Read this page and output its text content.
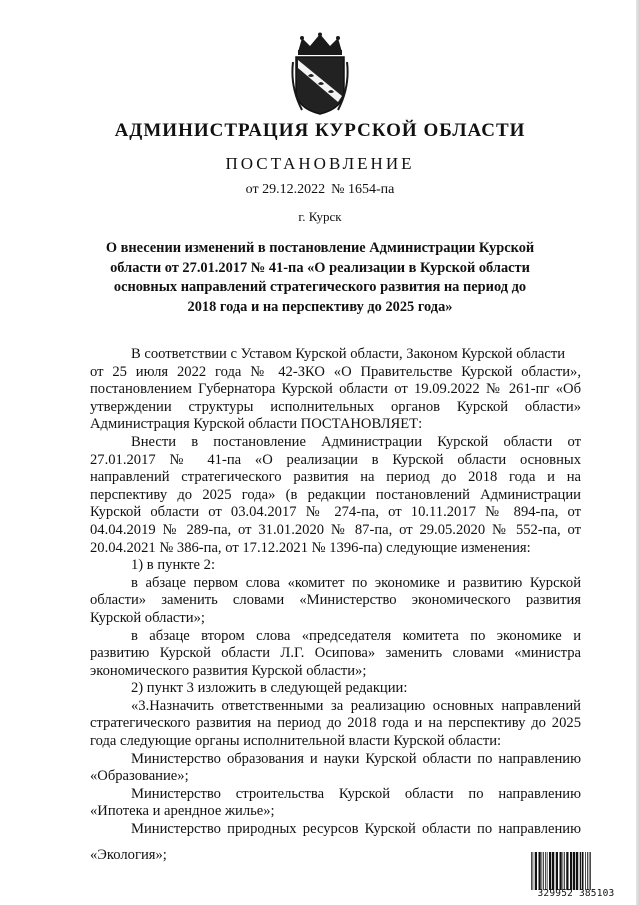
АДМИНИСТРАЦИЯ КУРСКОЙ ОБЛАСТИ
ПОСТАНОВЛЕНИЕ
от 29.12.2022 № 1654-па
г. Курск
О внесении изменений в постановление Администрации Курской
области от 27.01.2017 № 41-па «О реализации в Курской области
основных направлений стратегического развития на период до
2018 года и на перспективу до 2025 года»
В соответствии с Уставом Курской области, Законом Курской области
от 25 июля 2022 года № 42-ЗКО «О Правительстве Курской области»,
постановлением Губернатора Курской области от 19.09.2022 № 261-пг «Об
утверждении структуры исполнительных органов Курской области»
Администрация Курской области ПОСТАНОВЛЯЕТ:
Внести в постановление Администрации Курской области от
27.01.2017 № 41-па «О реализации в Курской области основных
направлений стратегического развития на период до 2018 года и на
перспективу до 2025 года» (в редакции постановлений Администрации
Курской области от 03.04.2017 № 274-па, от 10.11.2017 № 894-па, от
04.04.2019 № 289-па, от 31.01.2020 № 87-па, от 29.05.2020 № 552-па, от
20.04.2021 № 386-па, от 17.12.2021 № 1396-па) следующие изменения:
1) в пункте 2:
в абзаце первом слова «комитет по экономике и развитию Курской
области» заменить словами «Министерство экономического развития
Курской области»;
в абзаце втором слова «председателя комитета по экономике и
развитию Курской области Л.Г. Осипова» заменить словами «министра
экономического развития Курской области»;
2) пункт 3 изложить в следующей редакции:
«3.Назначить ответственными за реализацию основных направлений
стратегического развития на период до 2018 года и на перспективу до 2025
года следующие органы исполнительной власти Курской области:
Министерство образования и науки Курской области по направлению
«Образование»;
Министерство строительства Курской области по направлению
«Ипотека и арендное жилье»;
Министерство природных ресурсов Курской области по направлению
«Экология»;
329952 385103
